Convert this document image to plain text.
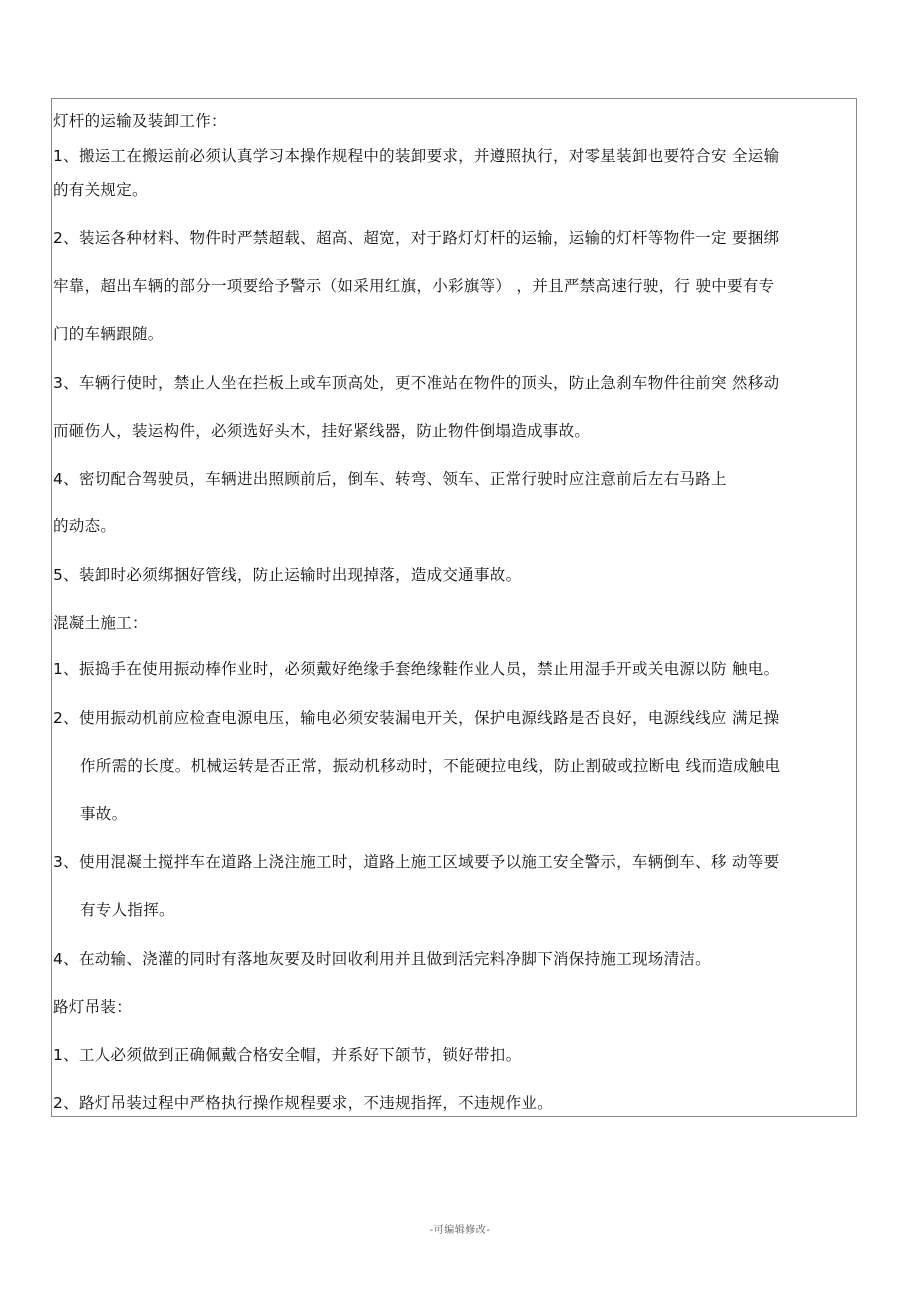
灯杆的运输及装卸工作：
1、搬运工在搬运前必须认真学习本操作规程中的装卸要求，并遵照执行，对零星装卸也要符合安 全运输
的有关规定。
2、装运各种材料、物件时严禁超载、超高、超宽，对于路灯灯杆的运输，运输的灯杆等物件一定 要捆绑
牢靠，超出车辆的部分一项要给予警示（如采用红旗，小彩旗等） ，并且严禁高速行驶，行 驶中要有专
门的车辆跟随。
3、车辆行使时，禁止人坐在拦板上或车顶高处，更不准站在物件的顶头，防止急刹车物件往前突 然移动
而砸伤人，装运构件，必须选好头木，挂好紧线器，防止物件倒塌造成事故。
4、密切配合驾驶员，车辆进出照顾前后，倒车、转弯、领车、正常行驶时应注意前后左右马路上
的动态。
5、装卸时必须绑捆好管线，防止运输时出现掉落，造成交通事故。
混凝土施工：
1、振捣手在使用振动棒作业时，必须戴好绝缘手套绝缘鞋作业人员，禁止用湿手开或关电源以防 触电。
2、使用振动机前应检查电源电压，输电必须安装漏电开关，保护电源线路是否良好，电源线线应 满足操
作所需的长度。机械运转是否正常，振动机移动时，不能硬拉电线，防止割破或拉断电 线而造成触电
事故。
3、使用混凝土搅拌车在道路上浇注施工时，道路上施工区域要予以施工安全警示，车辆倒车、移 动等要
有专人指挥。
4、在动输、浇灌的同时有落地灰要及时回收利用并且做到活完料净脚下消保持施工现场清洁。
路灯吊装：
1、工人必须做到正确佩戴合格安全帽，并系好下颌节，锁好带扣。
2、路灯吊装过程中严格执行操作规程要求，不违规指挥，不违规作业。
-可编辑修改-
